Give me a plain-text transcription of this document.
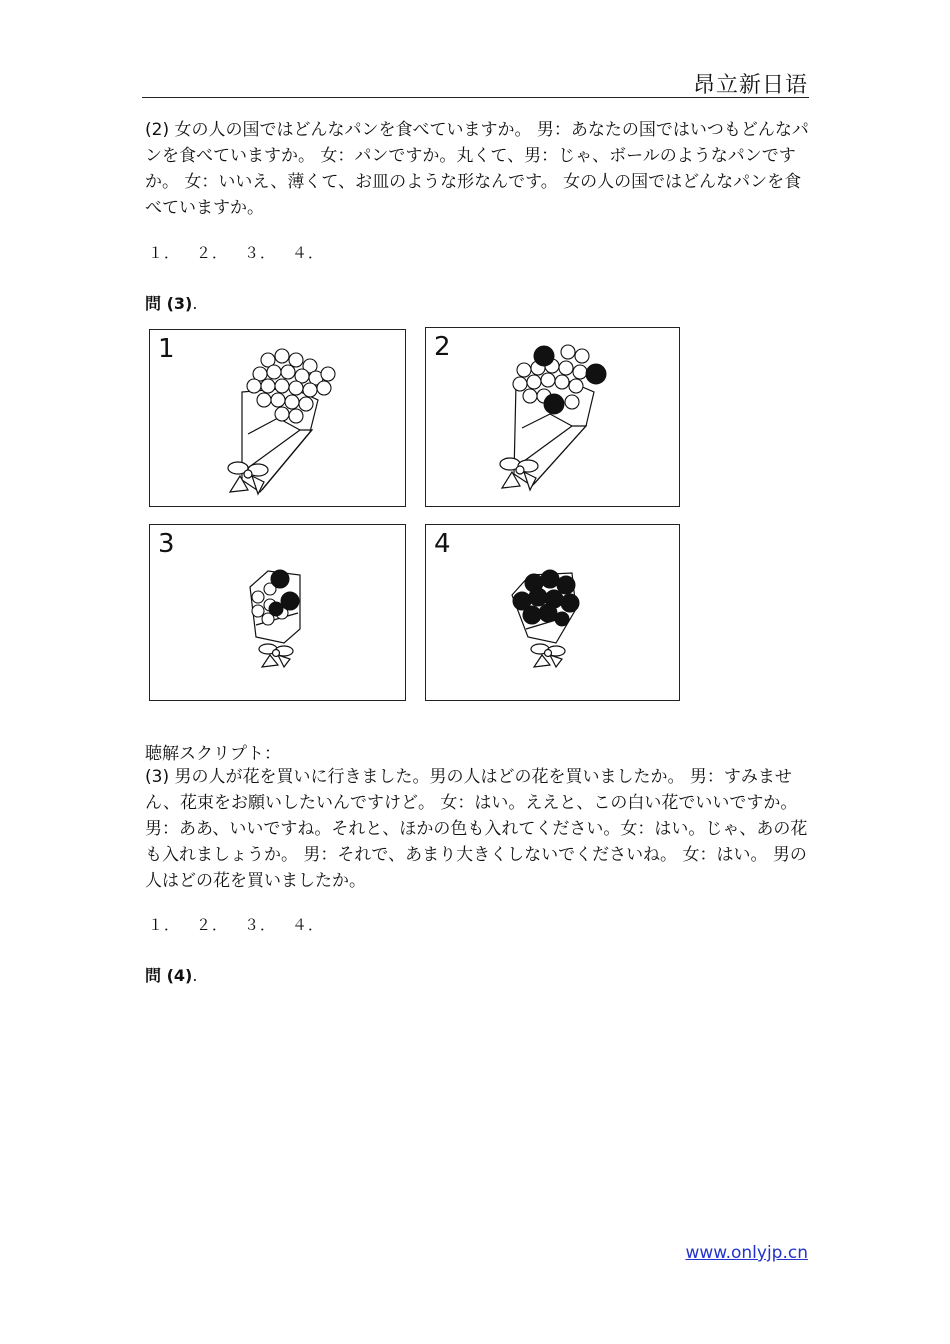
昂立新日语
(2) 女の人の国ではどんなパンを食べていますか。 男：あなたの国ではいつもどんなパンを食べていますか。 女：パンですか。丸くて、男：じゃ、ボールのようなパンですか。 女：いいえ、薄くて、お皿のような形なんです。 女の人の国ではどんなパンを食べていますか。
１． ２． ３． ４．
問 (3).
1	2
3	4
聴解スクリプト：
(3) 男の人が花を買いに行きました。男の人はどの花を買いましたか。 男：すみません、花束をお願いしたいんですけど。 女：はい。ええと、この白い花でいいですか。男：ああ、いいですね。それと、ほかの色も入れてください。女：はい。じゃ、あの花も入れましょうか。 男：それで、あまり大きくしないでくださいね。 女：はい。 男の人はどの花を買いましたか。
１． ２． ３． ４．
問 (4).
www.onlyjp.cn
